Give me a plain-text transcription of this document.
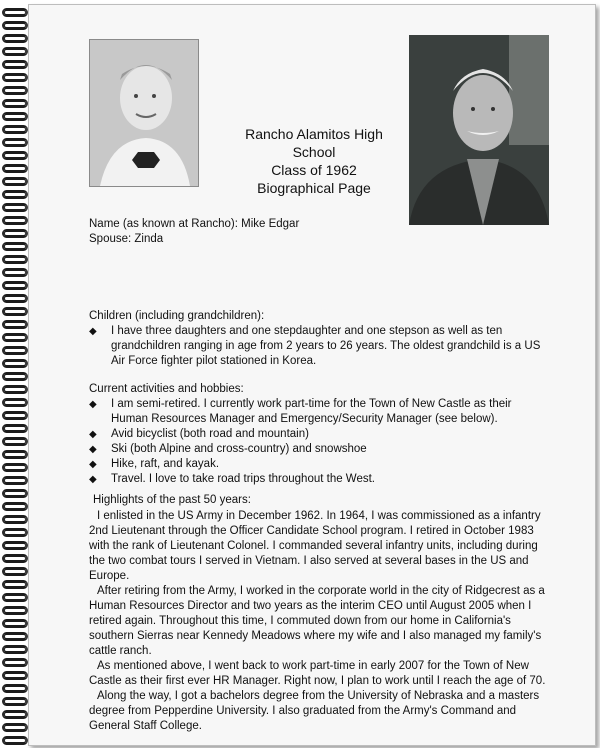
Rancho Alamitos High
School
Class of 1962
Biographical Page
Name (as known at Rancho): Mike Edgar
Spouse: Zinda
Children (including grandchildren):
◆	I have three daughters and one stepdaughter and one stepson as well as ten grandchildren ranging in age from 2 years to 26 years. The oldest grandchild is a US Air Force fighter pilot stationed in Korea.
Current activities and hobbies:
◆	I am semi-retired. I currently work part-time for the Town of New Castle as their Human Resources Manager and Emergency/Security Manager (see below).
◆	Avid bicyclist (both road and mountain)
◆	Ski (both Alpine and cross-country) and snowshoe
◆	Hike, raft, and kayak.
◆	Travel. I love to take road trips throughout the West.
Highlights of the past 50 years:

I enlisted in the US Army in December 1962. In 1964, I was commissioned as a infantry 2nd Lieutenant through the Officer Candidate School program. I retired in October 1983 with the rank of Lieutenant Colonel. I commanded several infantry units, including during the two combat tours I served in Vietnam. I also served at several bases in the US and Europe.

After retiring from the Army, I worked in the corporate world in the city of Ridgecrest as a Human Resources Director and two years as the interim CEO until August 2005 when I retired again. Throughout this time, I commuted down from our home in California's southern Sierras near Kennedy Meadows where my wife and I also managed my family's cattle ranch.

As mentioned above, I went back to work part-time in early 2007 for the Town of New Castle as their first ever HR Manager. Right now, I plan to work until I reach the age of 70.

Along the way, I got a bachelors degree from the University of Nebraska and a masters degree from Pepperdine University. I also graduated from the Army's Command and General Staff College.
